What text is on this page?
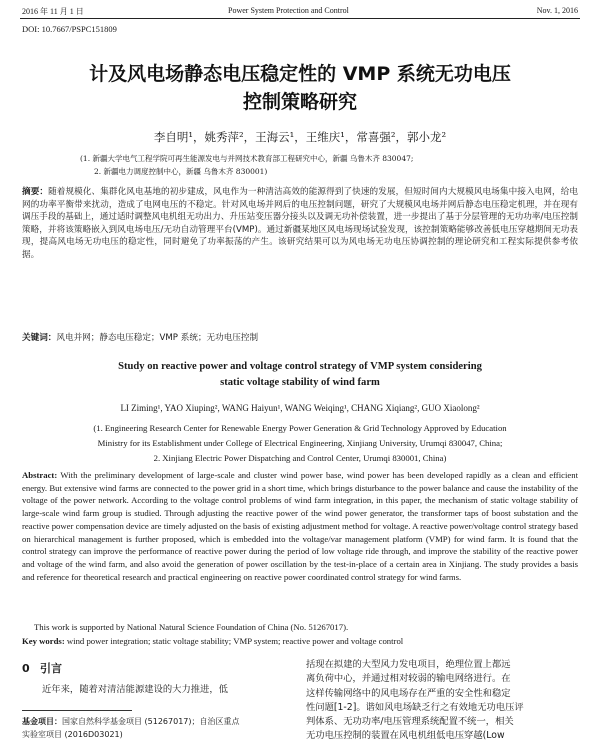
2016 年 11 月 1 日	Power System Protection and Control	Nov. 1, 2016
DOI: 10.7667/PSPC151809
计及风电场静态电压稳定性的 VMP 系统无功电压
控制策略研究
李自明¹，姚秀萍²，王海云¹，王维庆¹，常喜强²，郭小龙²
(1. 新疆大学电气工程学院可再生能源发电与并网技术教育部工程研究中心，新疆 乌鲁木齐 830047;
2. 新疆电力调度控制中心，新疆 乌鲁木齐 830001)
摘要：随着规模化、集群化风电基地的初步建成，风电作为一种清洁高效的能源得到了快速的发展，但短时间内大规模风电场集中接入电网，给电网的功率平衡带来扰动，造成了电网电压的不稳定。针对风电场并网后的电压控制问题，研究了大规模风电场并网后静态电压稳定机理，并在现有调压手段的基础上，通过适时调整风电机组无功出力、升压站变压器分接头以及调无功补偿装置，进一步提出了基于分层管理的无功功率/电压控制策略，并将该策略嵌入到风电场电压/无功自动管理平台(VMP)。通过新疆某地区风电场现场试验发现，该控制策略能够改善低电压穿越期间无功表现，提高风电场无功电压的稳定性，同时避免了功率振荡的产生。该研究结果可以为风电场无功电压协调控制的理论研究和工程实际提供参考依据。
关键词：风电并网；静态电压稳定；VMP 系统；无功电压控制
Study on reactive power and voltage control strategy of VMP system considering
static voltage stability of wind farm
LI Ziming¹, YAO Xiuping², WANG Haiyun¹, WANG Weiqing¹, CHANG Xiqiang², GUO Xiaolong²
(1. Engineering Research Center for Renewable Energy Power Generation & Grid Technology Approved by Education
Ministry for its Establishment under College of Electrical Engineering, Xinjiang University, Urumqi 830047, China;
2. Xinjiang Electric Power Dispatching and Control Center, Urumqi 830001, China)
Abstract: With the preliminary development of large-scale and cluster wind power base, wind power has been developed rapidly as a clean and efficient energy. But extensive wind farms are connected to the power grid in a short time, which brings disturbance to the power balance and cause the instability of the voltage of the power network. According to the voltage control problems of wind farm integration, in this paper, the mechanism of static voltage stability of large-scale wind farm group is studied. Through adjusting the reactive power of the wind power generator, the transformer taps of boost substation and the reactive power compensation device are timely adjusted on the basis of existing adjustment method for voltage. A reactive power/voltage control strategy based on hierarchical management is further proposed, which is embedded into the voltage/var management platform (VMP) for wind farm. It is found that the control strategy can improve the performance of reactive power during the period of low voltage ride through, and improve the stability of the reactive power and voltage of the wind farm, and also avoid the generation of power oscillation by the test-in-place of a certain area in Xinjiang. The study provides a basis and reference for theoretical research and practical engineering on reactive power coordinated control strategy for wind farms.
This work is supported by National Natural Science Foundation of China (No. 51267017).
Key words: wind power integration; static voltage stability; VMP system; reactive power and voltage control
0 引言
近年来，随着对清洁能源建设的大力推进，低
基金项目：国家自然科学基金项目 (51267017)；自治区重点
实验室项目 (2016D03021)
括现在拟建的大型风力发电项目，绝理位置上都远
离负荷中心，并通过相对较弱的输电网络进行。在
这样传输网络中的风电场存在严重的安全性和稳定
性问题[1-2]。谐如风电场缺乏行之有效地无功电压评
判体系、无功功率/电压管理系统配置不统一，相关
无功电压控制的装置在风电机组低电压穿越(Low
